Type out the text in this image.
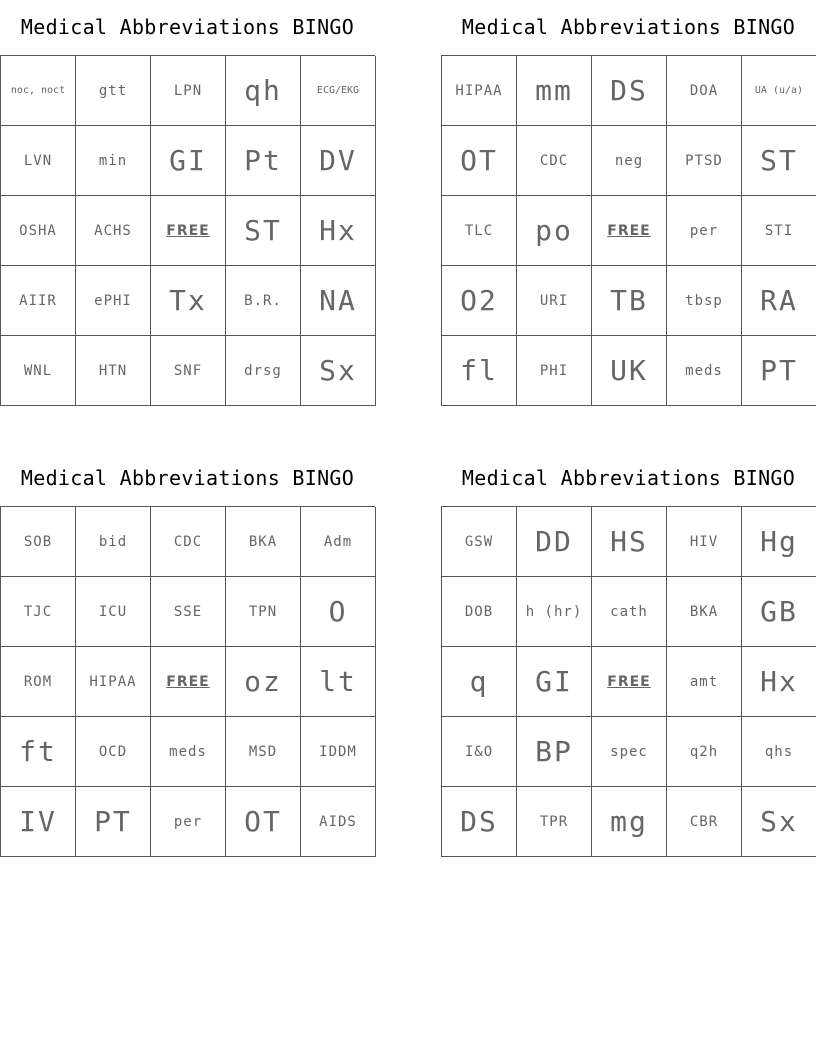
Medical Abbreviations BINGO
noc, noct	gtt	LPN	qh	ECG/EKG
LVN	min	GI	Pt	DV
OSHA	ACHS	FREE	ST	Hx
AIIR	ePHI	Tx	B.R.	NA
WNL	HTN	SNF	drsg	Sx
Medical Abbreviations BINGO
HIPAA	mm	DS	DOA	UA (u/a)
OT	CDC	neg	PTSD	ST
TLC	po	FREE	per	STI
O2	URI	TB	tbsp	RA
fl	PHI	UK	meds	PT
Medical Abbreviations BINGO
SOB	bid	CDC	BKA	Adm
TJC	ICU	SSE	TPN	O
ROM	HIPAA	FREE	oz	lt
ft	OCD	meds	MSD	IDDM
IV	PT	per	OT	AIDS
Medical Abbreviations BINGO
GSW	DD	HS	HIV	Hg
DOB	h (hr)	cath	BKA	GB
q	GI	FREE	amt	Hx
I&O	BP	spec	q2h	qhs
DS	TPR	mg	CBR	Sx
